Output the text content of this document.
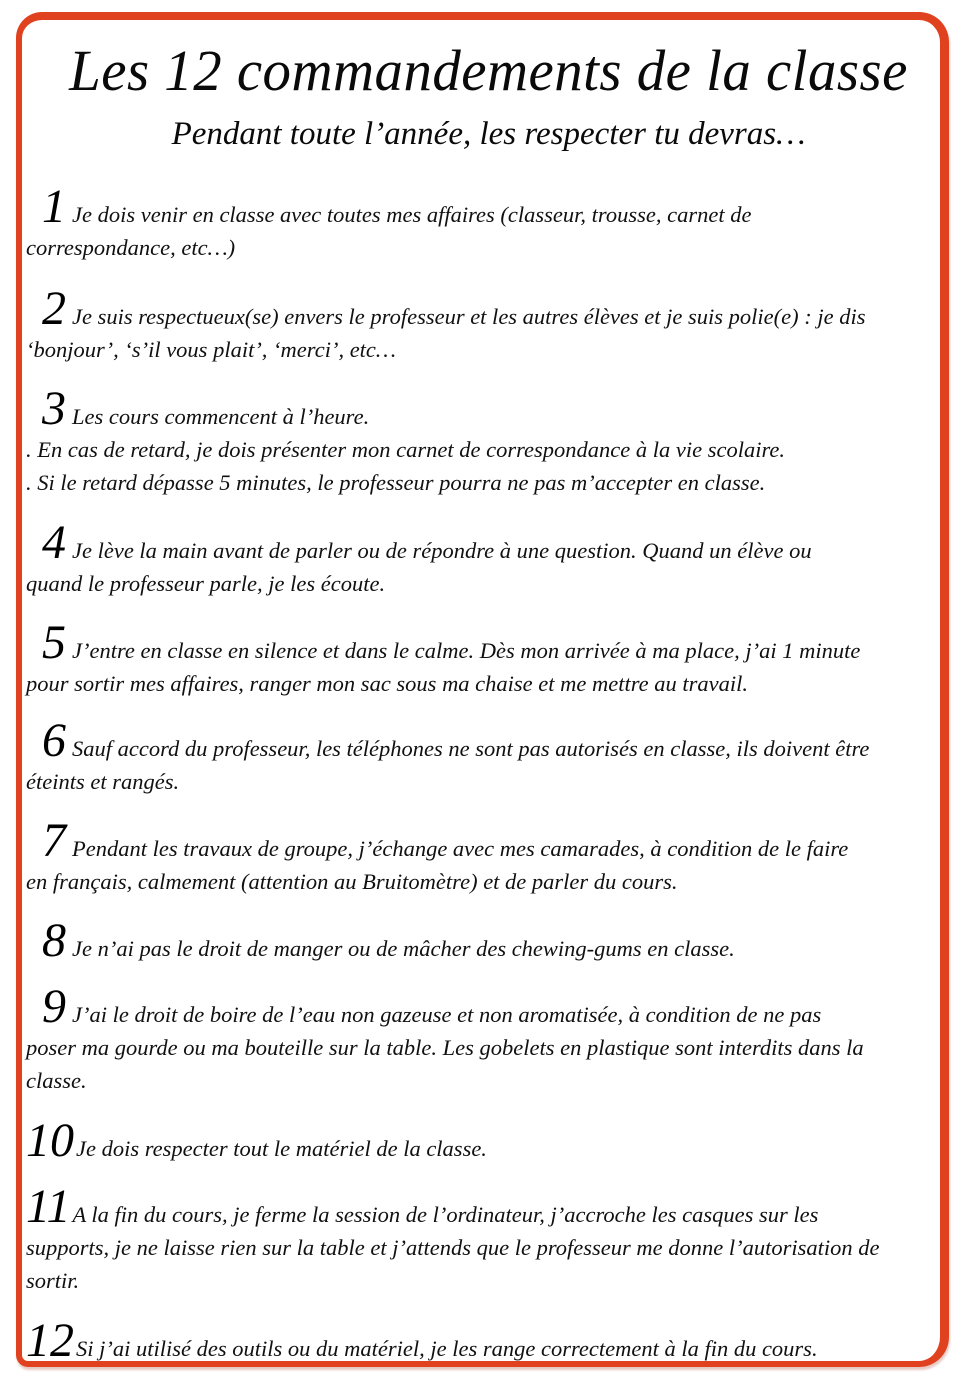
Les 12 commandements de la classe
Pendant toute l’année, les respecter tu devras…
1 Je dois venir en classe avec toutes mes affaires (classeur, trousse, carnet de
correspondance, etc…)
2 Je suis respectueux(se) envers le professeur et les autres élèves et je suis polie(e) : je dis
‘bonjour’, ‘s’il vous plait’, ‘merci’, etc…
3 Les cours commencent à l’heure.
. En cas de retard, je dois présenter mon carnet de correspondance à la vie scolaire.
. Si le retard dépasse 5 minutes, le professeur pourra ne pas m’accepter en classe.
4 Je lève la main avant de parler ou de répondre à une question. Quand un élève ou
quand le professeur parle, je les écoute.
5 J’entre en classe en silence et dans le calme. Dès mon arrivée à ma place, j’ai 1 minute
pour sortir mes affaires, ranger mon sac sous ma chaise et me mettre au travail.
6 Sauf accord du professeur, les téléphones ne sont pas autorisés en classe, ils doivent être
éteints et rangés.
7 Pendant les travaux de groupe, j’échange avec mes camarades, à condition de le faire
en français, calmement (attention au Bruitomètre) et de parler du cours.
8 Je n’ai pas le droit de manger ou de mâcher des chewing-gums en classe.
9 J’ai le droit de boire de l’eau non gazeuse et non aromatisée, à condition de ne pas
poser ma gourde ou ma bouteille sur la table. Les gobelets en plastique sont interdits dans la
classe.
10Je dois respecter tout le matériel de la classe.
11A la fin du cours, je ferme la session de l’ordinateur, j’accroche les casques sur les
supports, je ne laisse rien sur la table et j’attends que le professeur me donne l’autorisation de
sortir.
12Si j’ai utilisé des outils ou du matériel, je les range correctement à la fin du cours.
